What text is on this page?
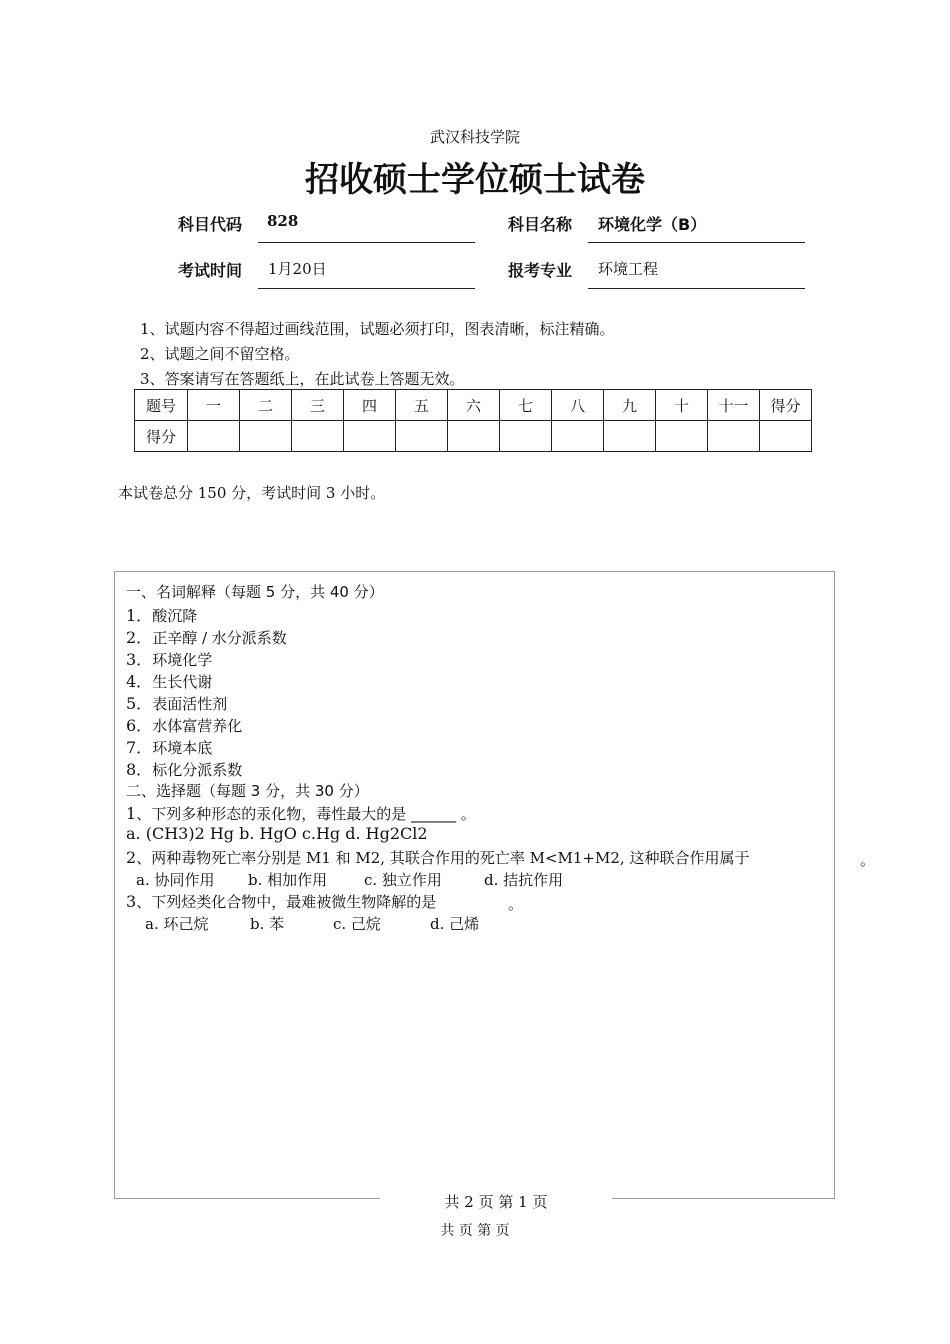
武汉科技学院
招收硕士学位硕士试卷
科目代码 828	科目名称 环境化学（B）
考试时间 1月20日	报考专业 环境工程
1、试题内容不得超过画线范围，试题必须打印，图表清晰，标注精确。
2、试题之间不留空格。
3、答案请写在答题纸上，在此试卷上答题无效。
题号	一	二	三	四	五	六	七	八	九	十	十一	得分
得分												
本试卷总分 150 分，考试时间 3 小时。
一、名词解释（每题 5 分，共 40 分）
1．酸沉降
2．正辛醇 / 水分派系数
3．环境化学
4．生长代谢
5．表面活性剂
6．水体富营养化
7．环境本底
8．标化分派系数
二、选择题（每题 3 分，共 30 分）
1、下列多种形态的汞化物，毒性最大的是 ______ 。
a. (CH3)2 Hg b. HgO c.Hg d. Hg2Cl2
2、两种毒物死亡率分别是 M1 和 M2, 其联合作用的死亡率 M<M1+M2, 这种联合作用属于	。
a. 协同作用 b. 相加作用 c. 独立作用	d. 拮抗作用
3、下列烃类化合物中，最难被微生物降解的是	。
a. 环己烷	b. 苯	c. 己烷	d. 己烯
共 2 页 第 1 页
共 页 第 页
